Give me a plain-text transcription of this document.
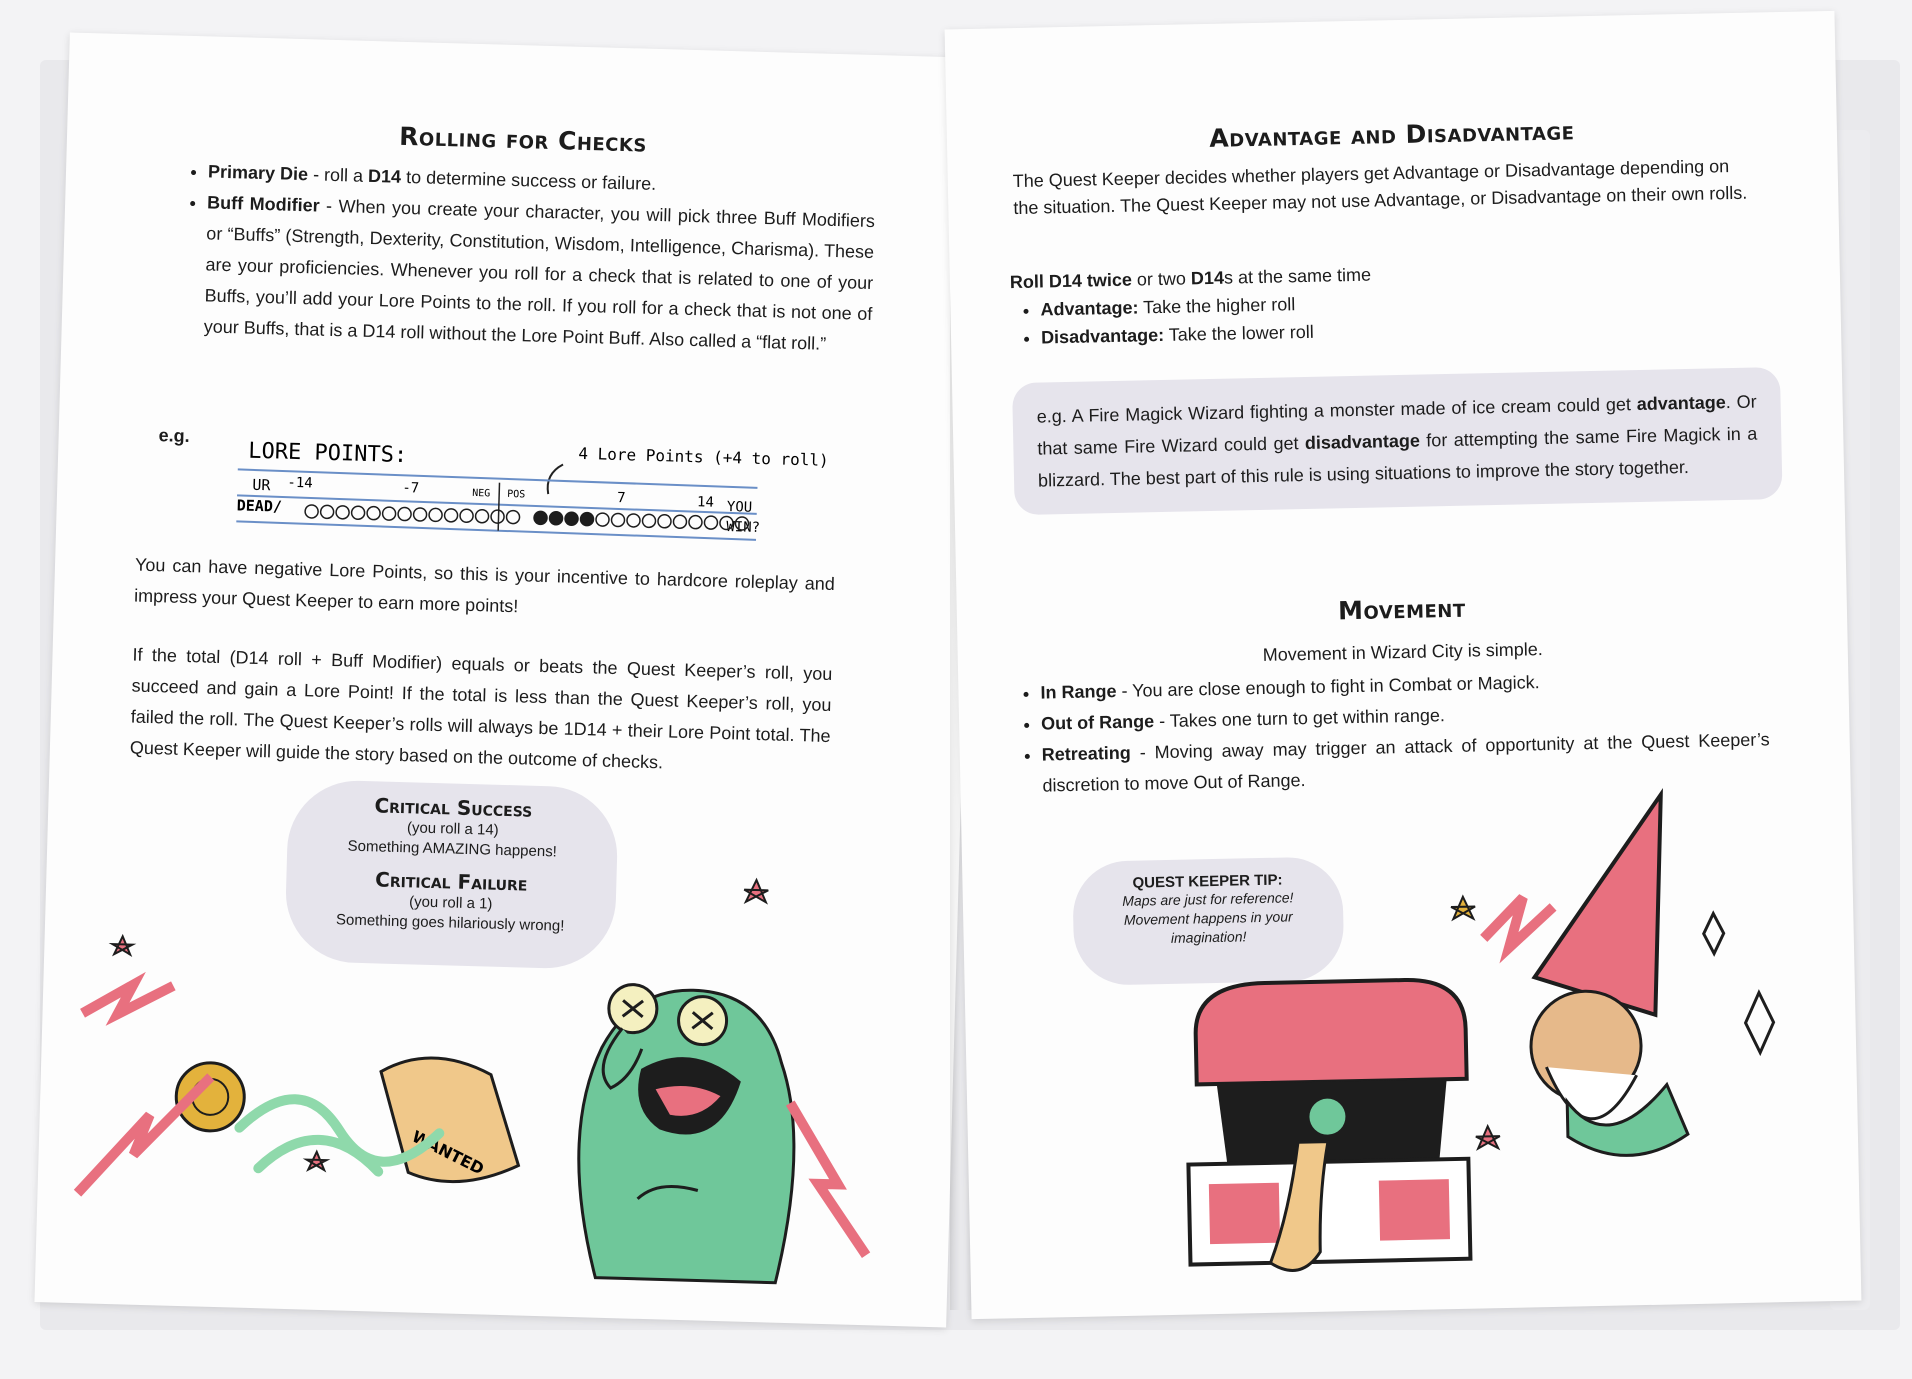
Rolling for Checks
• Primary Die - roll a D14 to determine success or failure.
• Buff Modifier - When you create your character, you will pick three Buff Modifiers or “Buffs” (Strength, Dexterity, Constitution, Wisdom, Intelligence, Charisma). These are your proficiencies. Whenever you roll for a check that is related to one of your Buffs, you’ll add your Lore Points to the roll. If you roll for a check that is not one of your Buffs, that is a D14 roll without the Lore Point Buff. Also called a “flat roll.”
e.g.
LORE POINTS:	4 Lore Points (+4 to roll)
UR -14	-7	NEG POS	7	14 YOU
DEAD/
WIN?

You can have negative Lore Points, so this is your incentive to hardcore roleplay and impress your Quest Keeper to earn more points!

If the total (D14 roll + Buff Modifier) equals or beats the Quest Keeper’s roll, you succeed and gain a Lore Point! If the total is less than the Quest Keeper’s roll, you failed the roll. The Quest Keeper’s rolls will always be 1D14 + their Lore Point total. The Quest Keeper will guide the story based on the outcome of checks.

Critical Success

(you roll a 14)
Something AMAZING happens!

Critical Failure

(you roll a 1)
Something goes hilariously wrong!
WANTED
Advantage and Disadvantage

The Quest Keeper decides whether players get Advantage or Disadvantage depending on the situation. The Quest Keeper may not use Advantage, or Disadvantage on their own rolls.

Roll D14 twice or two D14s at the same time
• Advantage: Take the higher roll
• Disadvantage: Take the lower roll
e.g. A Fire Magick Wizard fighting a monster made of ice cream could get advantage. Or that same Fire Wizard could get disadvantage for attempting the same Fire Magick in a blizzard. The best part of this rule is using situations to improve the story together.
Movement

Movement in Wizard City is simple.

• In Range - You are close enough to fight in Combat or Magick.
• Out of Range - Takes one turn to get within range.
• Retreating - Moving away may trigger an attack of opportunity at the Quest Keeper’s discretion to move Out of Range.
QUEST KEEPER TIP:
Maps are just for reference!
Movement happens in your
imagination!
